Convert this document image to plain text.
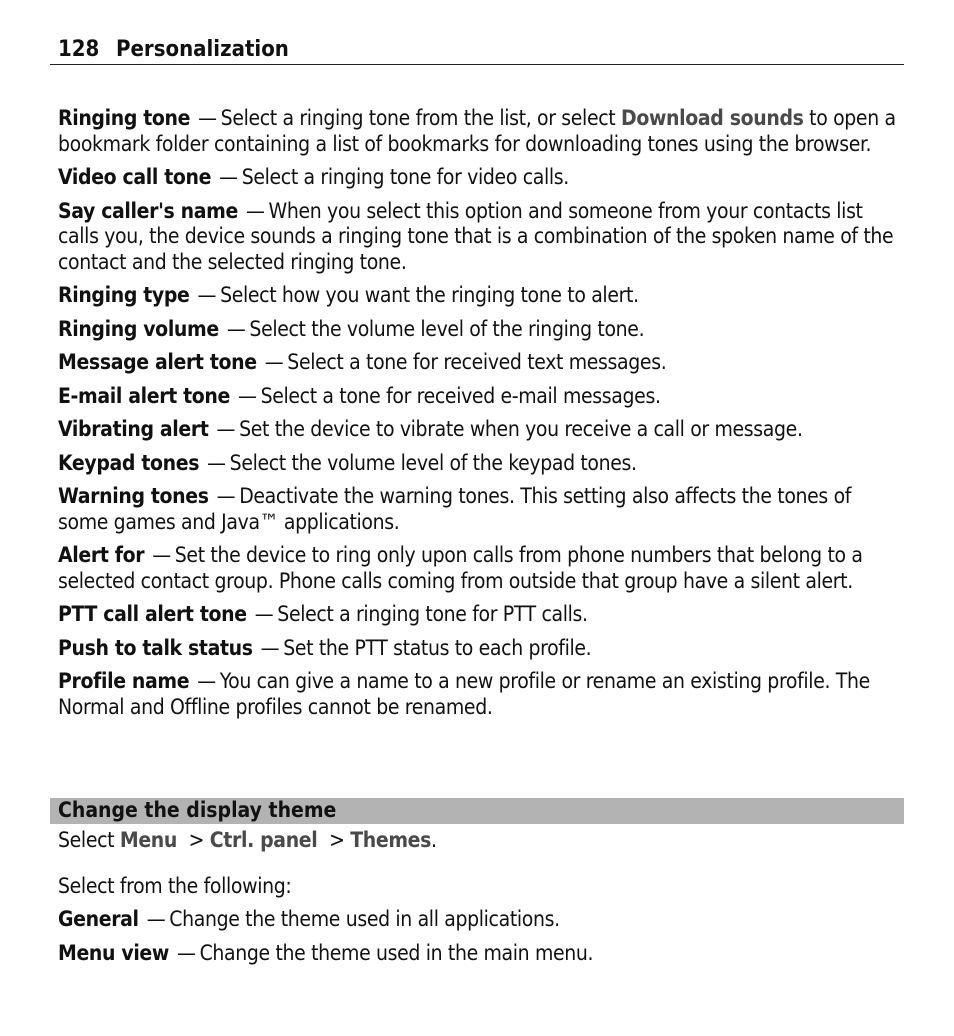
128 Personalization

Ringing tone — Select a ringing tone from the list, or select Download sounds to open a bookmark folder containing a list of bookmarks for downloading tones using the browser.

Video call tone — Select a ringing tone for video calls.

Say caller's name — When you select this option and someone from your contacts list calls you, the device sounds a ringing tone that is a combination of the spoken name of the contact and the selected ringing tone.

Ringing type — Select how you want the ringing tone to alert.

Ringing volume — Select the volume level of the ringing tone.

Message alert tone — Select a tone for received text messages.

E-mail alert tone — Select a tone for received e-mail messages.

Vibrating alert — Set the device to vibrate when you receive a call or message.

Keypad tones — Select the volume level of the keypad tones.

Warning tones — Deactivate the warning tones. This setting also affects the tones of some games and Java™ applications.

Alert for — Set the device to ring only upon calls from phone numbers that belong to a selected contact group. Phone calls coming from outside that group have a silent alert.

PTT call alert tone — Select a ringing tone for PTT calls.

Push to talk status — Set the PTT status to each profile.

Profile name — You can give a name to a new profile or rename an existing profile. The Normal and Offline profiles cannot be renamed.

Change the display theme

Select Menu > Ctrl. panel > Themes.

Select from the following:

General — Change the theme used in all applications.

Menu view — Change the theme used in the main menu.
